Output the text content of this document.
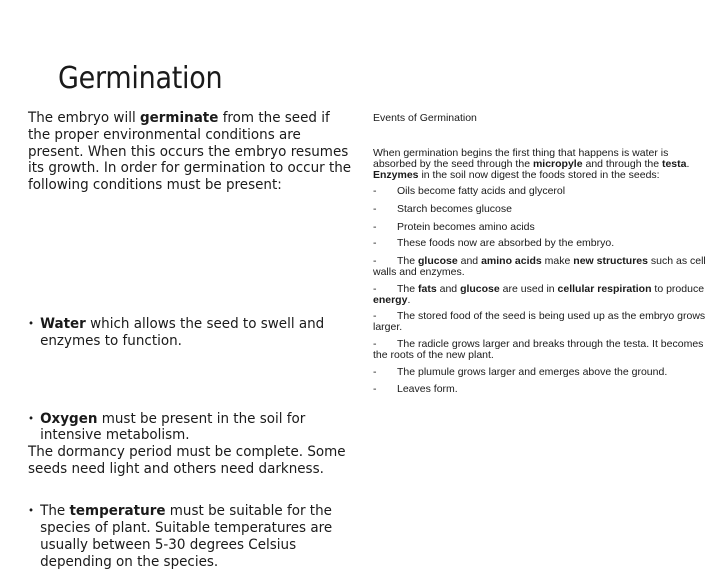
Germination

The embryo will germinate from the seed if the proper environmental conditions are present. When this occurs the embryo resumes its growth. In order for germination to occur the following conditions must be present:

• Water which allows the seed to swell and enzymes to function.
• Oxygen must be present in the soil for intensive metabolism.
• The temperature must be suitable for the species of plant. Suitable temperatures are usually between 5-30 degrees Celsius depending on the species.

The dormancy period must be complete. Some seeds need light and others need darkness.

Events of Germination

When germination begins the first thing that happens is water is absorbed by the seed through the micropyle and through the testa. Enzymes in the soil now digest the foods stored in the seeds:

- Oils become fatty acids and glycerol
- Starch becomes glucose
- Protein becomes amino acids
- These foods now are absorbed by the embryo.

- The glucose and amino acids make new structures such as cell walls and enzymes.

- The fats and glucose are used in cellular respiration to produce energy.

- The stored food of the seed is being used up as the embryo grows larger.

- The radicle grows larger and breaks through the testa. It becomes the roots of the new plant.

- The plumule grows larger and emerges above the ground.
- Leaves form.
